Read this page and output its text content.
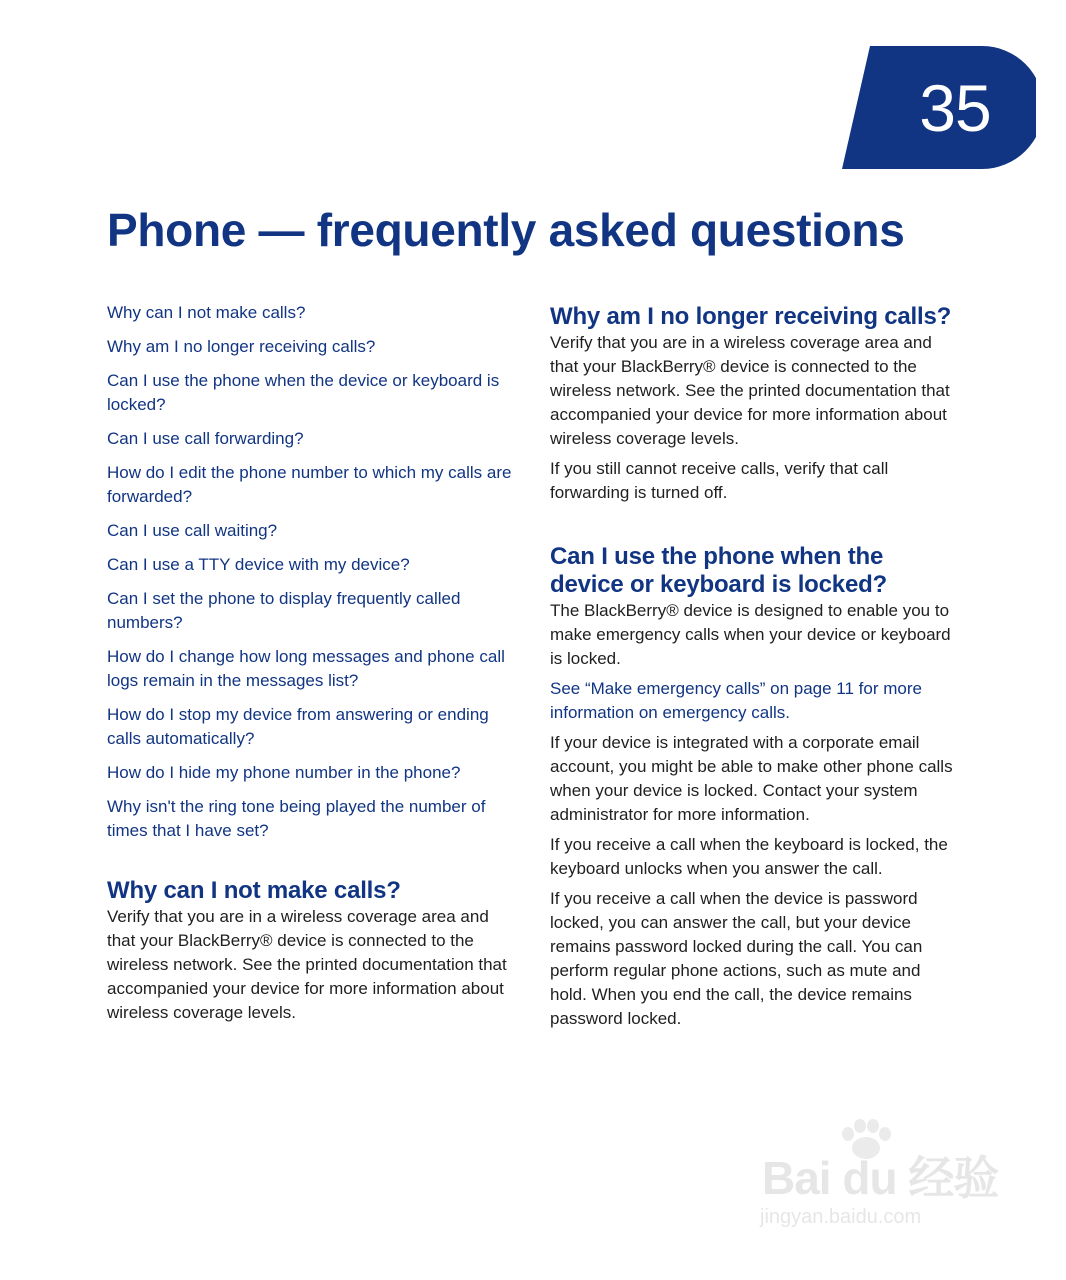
35
Phone — frequently asked questions
Why can I not make calls?
Why am I no longer receiving calls?
Can I use the phone when the device or keyboard is locked?
Can I use call forwarding?
How do I edit the phone number to which my calls are forwarded?
Can I use call waiting?
Can I use a TTY device with my device?
Can I set the phone to display frequently called numbers?
How do I change how long messages and phone call logs remain in the messages list?
How do I stop my device from answering or ending calls automatically?
How do I hide my phone number in the phone?
Why isn't the ring tone being played the number of times that I have set?
Why can I not make calls?

Verify that you are in a wireless coverage area and that your BlackBerry® device is connected to the wireless network. See the printed documentation that accompanied your device for more information about wireless coverage levels.

Why am I no longer receiving calls?

Verify that you are in a wireless coverage area and that your BlackBerry® device is connected to the wireless network. See the printed documentation that accompanied your device for more information about wireless coverage levels.

If you still cannot receive calls, verify that call forwarding is turned off.

Can I use the phone when the device or keyboard is locked?

The BlackBerry® device is designed to enable you to make emergency calls when your device or keyboard is locked.

See “Make emergency calls” on page 11 for more information on emergency calls.

If your device is integrated with a corporate email account, you might be able to make other phone calls when your device is locked. Contact your system administrator for more information.

If you receive a call when the keyboard is locked, the keyboard unlocks when you answer the call.

If you receive a call when the device is password locked, you can answer the call, but your device remains password locked during the call. You can perform regular phone actions, such as mute and hold. When you end the call, the device remains password locked.

Bai du 经验
jingyan.baidu.com
